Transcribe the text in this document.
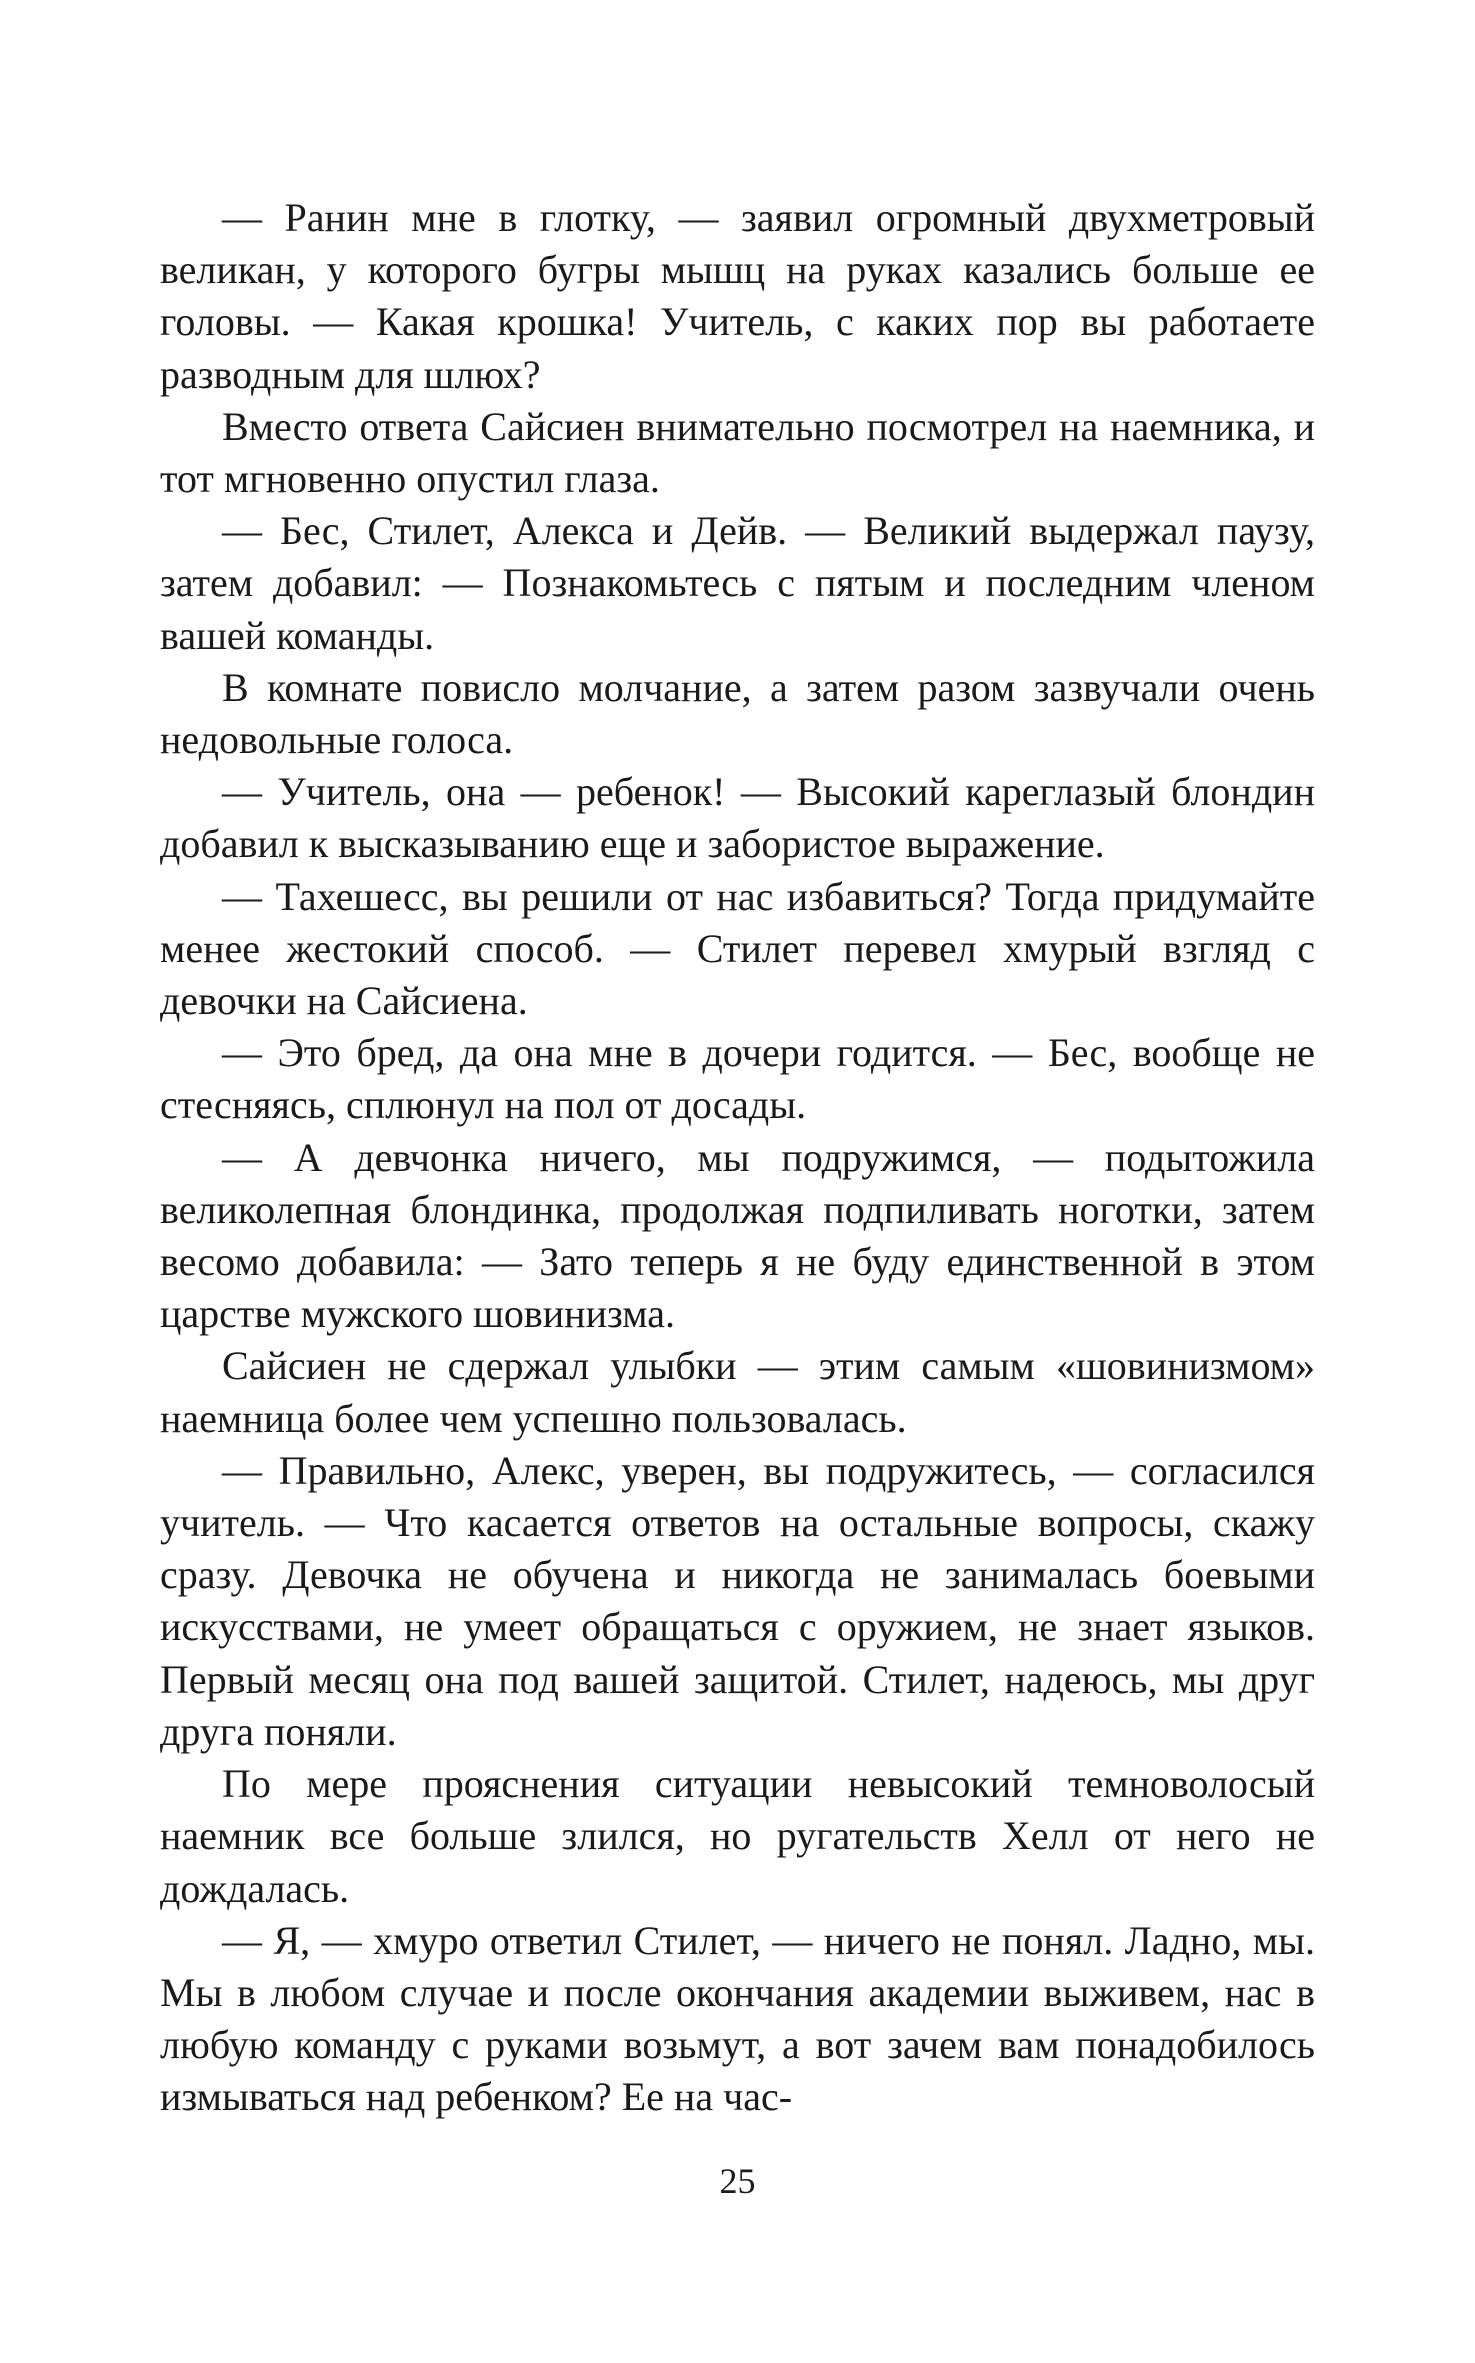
— Ранин мне в глотку, — заявил огромный двухметровый великан, у которого бугры мышц на руках казались больше ее головы. — Какая крошка! Учитель, с каких пор вы работаете разводным для шлюх?

Вместо ответа Сайсиен внимательно посмотрел на наемника, и тот мгновенно опустил глаза.

— Бес, Стилет, Алекса и Дейв. — Великий выдержал паузу, затем добавил: — Познакомьтесь с пятым и последним членом вашей команды.

В комнате повисло молчание, а затем разом зазвучали очень недовольные голоса.

— Учитель, она — ребенок! — Высокий кареглазый блондин добавил к высказыванию еще и забористое выражение.

— Тахешесс, вы решили от нас избавиться? Тогда придумайте менее жестокий способ. — Стилет перевел хмурый взгляд с девочки на Сайсиена.

— Это бред, да она мне в дочери годится. — Бес, вообще не стесняясь, сплюнул на пол от досады.

— А девчонка ничего, мы подружимся, — подытожила великолепная блондинка, продолжая подпиливать ноготки, затем весомо добавила: — Зато теперь я не буду единственной в этом царстве мужского шовинизма.

Сайсиен не сдержал улыбки — этим самым «шовинизмом» наемница более чем успешно пользовалась.

— Правильно, Алекс, уверен, вы подружитесь, — согласился учитель. — Что касается ответов на остальные вопросы, скажу сразу. Девочка не обучена и никогда не занималась боевыми искусствами, не умеет обращаться с оружием, не знает языков. Первый месяц она под вашей защитой. Стилет, надеюсь, мы друг друга поняли.

По мере прояснения ситуации невысокий темноволосый наемник все больше злился, но ругательств Хелл от него не дождалась.

— Я, — хмуро ответил Стилет, — ничего не понял. Ладно, мы. Мы в любом случае и после окончания академии выживем, нас в любую команду с руками возьмут, а вот зачем вам понадобилось измываться над ребенком? Ее на час-

25
